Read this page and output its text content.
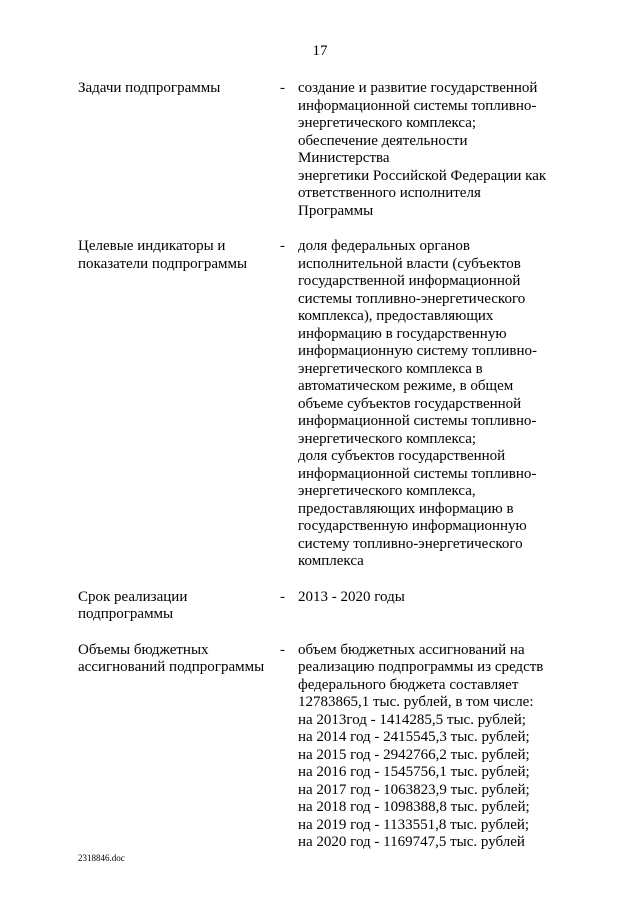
17
Задачи подпрограммы	- создание и развитие государственной
информационной системы топливно-
энергетического комплекса;
обеспечение деятельности Министерства
энергетики Российской Федерации как
ответственного исполнителя Программы
Целевые индикаторы и
показатели подпрограммы
- доля федеральных органов
исполнительной власти (субъектов
государственной информационной
системы топливно-энергетического
комплекса), предоставляющих
информацию в государственную
информационную систему топливно-
энергетического комплекса в
автоматическом режиме, в общем
объеме субъектов государственной
информационной системы топливно-
энергетического комплекса;
доля субъектов государственной
информационной системы топливно-
энергетического комплекса,
предоставляющих информацию в
государственную информационную
систему топливно-энергетического
комплекса
Срок реализации
подпрограммы
- 2013 - 2020 годы
Объемы бюджетных
ассигнований подпрограммы
- объем бюджетных ассигнований на
реализацию подпрограммы из средств
федерального бюджета составляет
12783865,1 тыс. рублей, в том числе:
на 2013год - 1414285,5 тыс. рублей;
на 2014 год - 2415545,3 тыс. рублей;
на 2015 год - 2942766,2 тыс. рублей;
на 2016 год - 1545756,1 тыс. рублей;
на 2017 год - 1063823,9 тыс. рублей;
на 2018 год - 1098388,8 тыс. рублей;
на 2019 год - 1133551,8 тыс. рублей;
на 2020 год - 1169747,5 тыс. рублей
2318846.doc
